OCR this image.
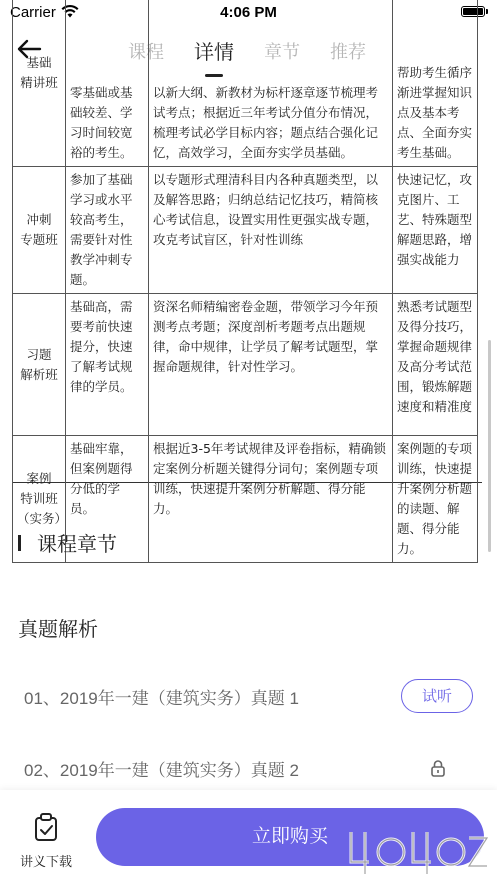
Carrier	4:06 PM
课程 详情 章节 推荐
基础
精讲班	零基础或基础较差、学习时间较宽裕的考生。	以新大纲、新教材为标杆逐章逐节梳理考试考点；根据近三年考试分值分布情况，梳理考试必学目标内容；题点结合强化记忆，高效学习，全面夯实学员基础。	帮助考生循序渐进掌握知识点及基本考点、全面夯实考生基础。
冲刺
专题班	参加了基础学习或水平较高考生，需要针对性教学冲刺专题。	以专题形式理清科目内各种真题类型，以及解答思路；归纳总结记忆技巧，精简核心考试信息，设置实用性更强实战专题，攻克考试盲区，针对性训练	快速记忆，攻克图片、工艺、特殊题型解题思路，增强实战能力
习题
解析班	基础高，需要考前快速提分，快速了解考试规律的学员。	资深名师精编密卷金题，带领学习今年预测考点考题；深度剖析考题考点出题规律，命中规律，让学员了解考试题型，掌握命题规律，针对性学习。	熟悉考试题型及得分技巧，掌握命题规律及高分考试范围，锻炼解题速度和精准度
案例
特训班
（实务）	基础牢靠，但案例题得分低的学员。	根据近3-5年考试规律及评卷指标，精确锁定案例分析题关键得分词句；案例题专项训练，快速提升案例分析解题、得分能力。	案例题的专项训练，快速提升案例分析题的读题、解题、得分能力。
课程章节
真题解析
01、2019年一建（建筑实务）真题 1	试听
02、2019年一建（建筑实务）真题 2
讲义下载
立即购买
